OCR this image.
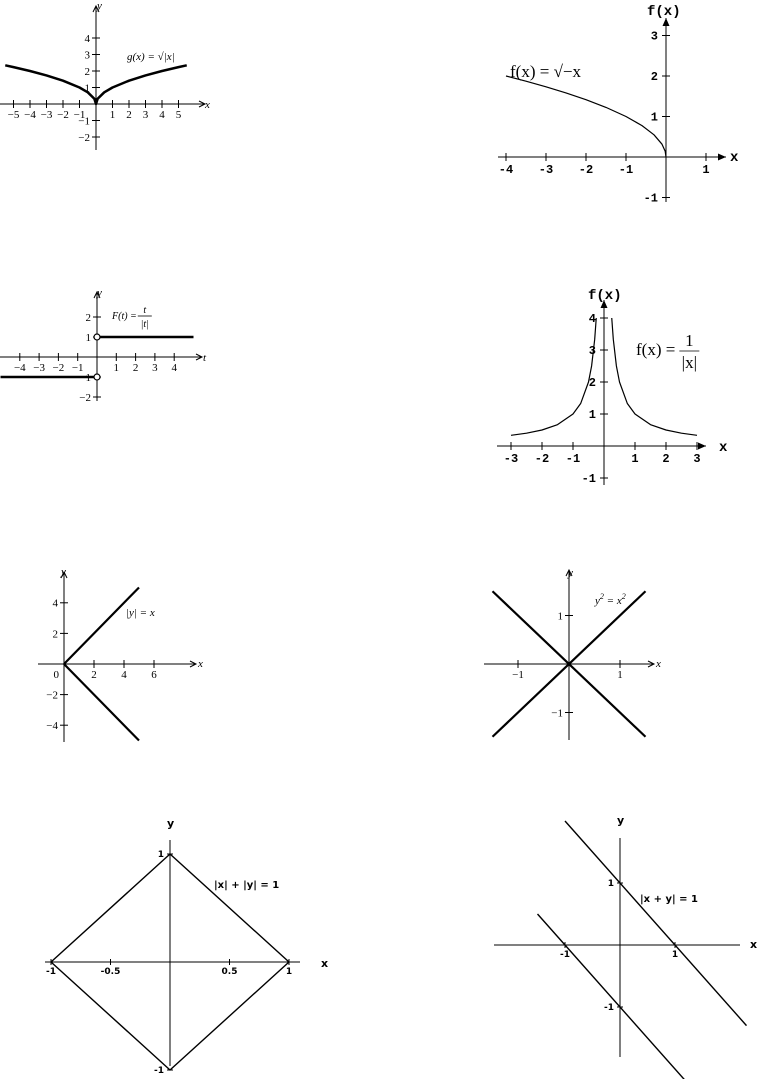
−5 −4 −3 −2 −1 1 2 3 4 5
−2
−1
1
2
3
4
x
y
g(x) = √|x|
-4 -3 -2 -1	1
-1
1
2
3
x
f(x)
f(x) = √−x
−4 −3 −2 −1	1 2 3 4
−2
−1
1
2
t
y
F(t) =
t
|t|
-3 -2 -1	1 2 3
-1
1
2
3
4
x
f(x)
f(x) = 1
|x|
2 4 6
−4
−2
2
4
0
x
y
|y| = x
−1	1
−1
1
x
y
$y^2 = x^2$
-1	-0.5	0.5	1
-1
1
x
y
|x| + |y| = 1
-1	1
-1
1
x
y
|x + y| = 1
